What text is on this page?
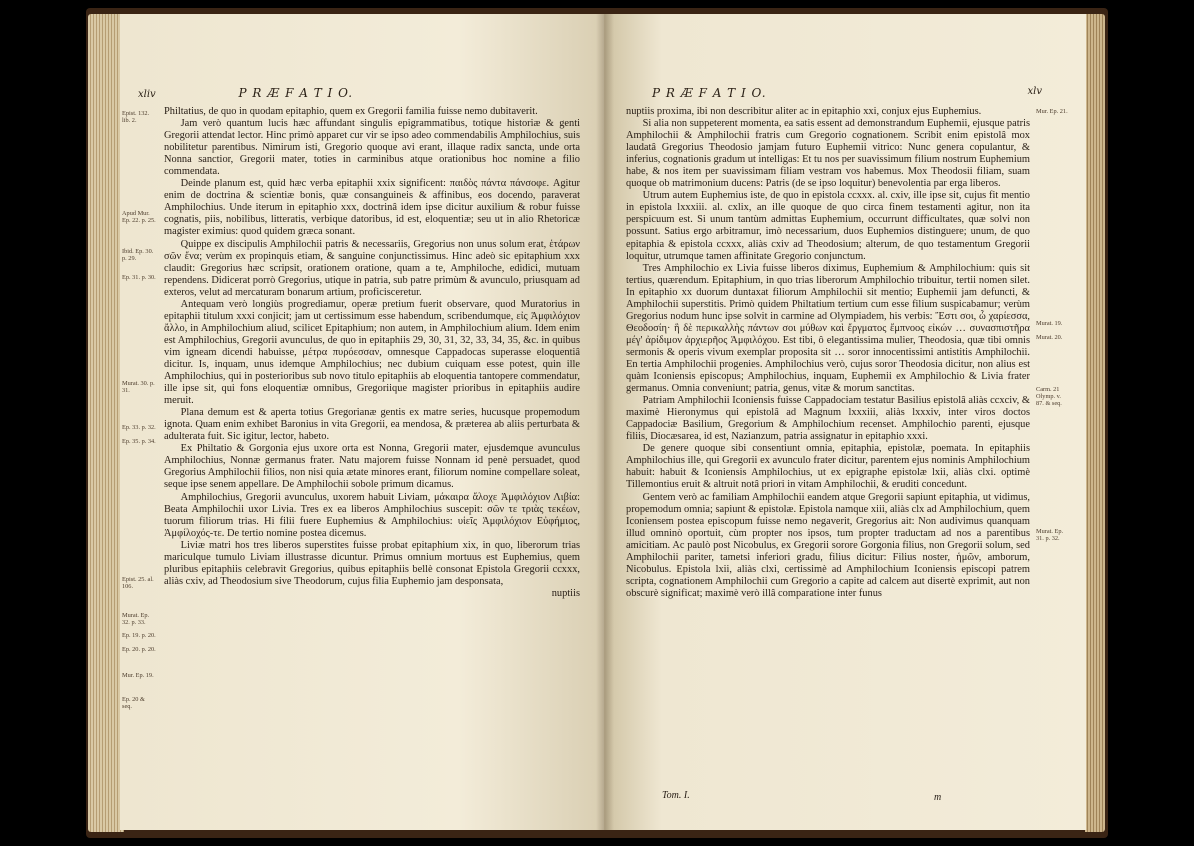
xliv	P R Æ F A T I O.
Epist. 132. lib. 2.
Apud Mur. Ep. 22. p. 25.
Ibid. Ep. 30. p. 29.
Ep. 31. p. 30.
Murat. 30. p. 31.
Ep. 33. p. 32.
Ep. 35. p. 34.
Epist. 25. al. 106.
Murat. Ep. 32. p. 33.
Ep. 19. p. 20.
Ep. 20. p. 20.
Mur. Ep. 19.
Ep. 20 & seq.

Philtatius, de quo in quodam epitaphio, quem ex Gregorii familia fuisse nemo dubitaverit.

Jam verò quantum lucis hæc affundant singulis epigrammatibus, totique historiæ & genti Gregorii attendat lector. Hinc primò apparet cur vir se ipso adeo commendabilis Amphilochius, suis nobilitetur parentibus. Nimirum isti, Gregorio quoque avi erant, illaque radix sancta, unde orta Nonna sanctior, Gregorii mater, toties in carminibus atque orationibus hoc nomine a filio commendata.

Deinde planum est, quid hæc verba epitaphii xxix significent: παιδὸς πάντα πάνσοφε. Agitur enim de doctrina & scientiæ bonis, quæ consanguineis & affinibus, eos docendo, paraverat Amphilochius. Unde iterum in epitaphio xxx, doctrinâ idem ipse dicitur auxilium & robur fuisse cognatis, piis, nobilibus, litteratis, verbique datoribus, id est, eloquentiæ; seu ut in alio Rhetoricæ magister eximius: quod quidem græca sonant.

Quippe ex discipulis Amphilochii patris & necessariis, Gregorius non unus solum erat, ἑτάρων σῶν ἕνα; verùm ex propinquis etiam, & sanguine conjunctissimus. Hinc adeò sic epitaphium xxx claudit: Gregorius hæc scripsit, orationem oratione, quam a te, Amphiloche, edidici, mutuam rependens. Didicerat porrò Gregorius, utique in patria, sub patre primùm & avunculo, priusquam ad exteros, velut ad mercaturam bonarum artium, proficisceretur.

Antequam verò longiùs progrediamur, operæ pretium fuerit observare, quod Muratorius in epitaphii titulum xxxi conjicit; jam ut certissimum esse habendum, scribendumque, εἰς Ἀμφιλόχιον ἄλλο, in Amphilochium aliud, scilicet Epitaphium; non autem, in Amphilochium alium. Idem enim est Amphilochius, Gregorii avunculus, de quo in epitaphiis 29, 30, 31, 32, 33, 34, 35, &c. in quibus vim igneam dicendi habuisse, μέτρα πυρόεσσαν, omnesque Cappadocas superasse eloquentiâ dicitur. Is, inquam, unus idemque Amphilochius; nec dubium cuiquam esse potest, quin ille Amphilochius, qui in posterioribus sub novo titulo epitaphiis ab eloquentia tantopere commendatur, ille ipse sit, qui fons eloquentiæ omnibus, Gregoriique magister prioribus in epitaphiis audire meruit.

Plana demum est & aperta totius Gregorianæ gentis ex matre series, hucusque propemodum ignota. Quam enim exhibet Baronius in vita Gregorii, ea mendosa, & præterea ab aliis perturbata & adulterata fuit. Sic igitur, lector, habeto.

Ex Philtatio & Gorgonia ejus uxore orta est Nonna, Gregorii mater, ejusdemque avunculus Amphilochius, Nonnæ germanus frater. Natu majorem fuisse Nonnam id penè persuadet, quod Gregorius Amphilochii filios, non nisi quia ætate minores erant, filiorum nomine compellare soleat, seque ipse senem appellare. De Amphilochii sobole primum dicamus.

Amphilochius, Gregorii avunculus, uxorem habuit Liviam, μάκαιρα ἄλοχε Ἀμφιλόχιον Λιβία: Beata Amphilochii uxor Livia. Tres ex ea liberos Amphilochius suscepit: σῶν τε τριὰς τεκέων, tuorum filiorum trias. Hi filii fuere Euphemius & Amphilochius: υἱεῖς Ἀμφιλόχιον Εὐφήμιος, Ἀμφίλοχός-τε. De tertio nomine postea dicemus.

Liviæ matri hos tres liberos superstites fuisse probat epitaphium xix, in quo, liberorum trias mariculque tumulo Liviam illustrasse dicuntur. Primus omnium mortuus est Euphemius, quem pluribus epitaphiis celebravit Gregorius, quibus epitaphiis bellè consonat Epistola Gregorii ccxxx, aliàs cxiv, ad Theodosium sive Theodorum, cujus filia Euphemio jam desponsata,

nuptiis
P R Æ F A T I O.	xlv

nuptiis proxima, ibi non describitur aliter ac in epitaphio xxi, conjux ejus Euphemius.

Si alia non suppeterent momenta, ea satis essent ad demonstrandum Euphemii, ejusque patris Amphilochii & Amphilochii fratris cum Gregorio cognationem. Scribit enim epistolâ mox laudatâ Gregorius Theodosio jamjam futuro Euphemii vitrico: Nunc genera copulantur, & inferius, cognationis gradum ut intelligas: Et tu nos per suavissimum filium nostrum Euphemium habe, & nos item per suavissimam filiam vestram vos habemus. Mox Theodosii filiam, suam quoque ob matrimonium ducens: Patris (de se ipso loquitur) benevolentia par erga liberos.

Utrum autem Euphemius iste, de quo in epistola ccxxx. al. cxiv, ille ipse sit, cujus fit mentio in epistola lxxxiii. al. cxlix, an ille quoque de quo circa finem testamenti agitur, non ita perspicuum est. Si unum tantùm admittas Euphemium, occurrunt difficultates, quæ solvi non possunt. Satius ergo arbitramur, imò necessarium, duos Euphemios distinguere; unum, de quo epitaphia & epistola ccxxx, aliàs cxiv ad Theodosium; alterum, de quo testamentum Gregorii loquitur, utrumque tamen affinitate Gregorio conjunctum.

Tres Amphilochio ex Livia fuisse liberos diximus, Euphemium & Amphilochium: quis sit tertius, quærendum. Epitaphium, in quo trias liberorum Amphilochio tribuitur, tertii nomen silet. In epitaphio xx duorum duntaxat filiorum Amphilochii sit mentio; Euphemii jam defuncti, & Amphilochii superstitis. Primò quidem Philtatium tertium cum esse filium suspicabamur; verùm Gregorius nodum hunc ipse solvit in carmine ad Olympiadem, his verbis: Ἔστι σοι, ὦ χαρίεσσα, Θεοδοσίη· ἣ δὲ περικαλλὴς πάντων σοι μύθων καὶ ἔργματος ἔμπνοος εἰκών … συνασπιστῆρα μέγ' ἀρίδιμον ἀρχιερῆος Ἀμφιλόχου. Est tibi, ô elegantissima mulier, Theodosia, quæ tibi omnis sermonis & operis vivum exemplar proposita sit … soror innocentissimi antistitis Amphilochii. En tertia Amphilochii progenies. Amphilochius verò, cujus soror Theodosia dicitur, non alius est quàm Iconiensis episcopus; Amphilochius, inquam, Euphemii ex Amphilochio & Livia frater germanus. Omnia conveniunt; patria, genus, vitæ & morum sanctitas.

Patriam Amphilochii Iconiensis fuisse Cappadociam testatur Basilius epistolâ aliàs ccxciv, & maximè Hieronymus qui epistolâ ad Magnum lxxxiii, aliàs lxxxiv, inter viros doctos Cappadociæ Basilium, Gregorium & Amphilochium recenset. Amphilochio parenti, ejusque filiis, Diocæsarea, id est, Nazianzum, patria assignatur in epitaphio xxxi.

De genere quoque sibi consentiunt omnia, epitaphia, epistolæ, poemata. In epitaphiis Amphilochius ille, qui Gregorii ex avunculo frater dicitur, parentem ejus nominis Amphilochium habuit: habuit & Iconiensis Amphilochius, ut ex epigraphe epistolæ lxii, aliàs clxi. optimè Tillemontius eruit & altruit notâ priori in vitam Amphilochii, & eruditi concedunt.

Gentem verò ac familiam Amphilochii eandem atque Gregorii sapiunt epitaphia, ut vidimus, propemodum omnia; sapiunt & epistolæ. Epistola namque xiii, aliàs clx ad Amphilochium, quem Iconiensem postea episcopum fuisse nemo negaverit, Gregorius ait: Non audivimus quanquam illud omninò oportuit, cùm propter nos ipsos, tum propter traductam ad nos a parentibus amicitiam. Ac paulò post Nicobulus, ex Gregorii sorore Gorgonia filius, non Gregorii solum, sed Amphilochii pariter, tametsi inferiori gradu, filius dicitur: Filius noster, ἡμῶν, amborum, Nicobulus. Epistola lxii, aliàs clxi, certissimè ad Amphilochium Iconiensis episcopi patrem scripta, cognationem Amphilochii cum Gregorio a capite ad calcem aut disertè exprimit, aut non obscurè significat; maximè verò illâ comparatione inter funus

Mur. Ep. 21.
Murat. 19.
Murat. 20.
Carm. 21 Olymp. v. 87. & seq.
Murat. Ep. 31. p. 32.
Tom. I.	m
